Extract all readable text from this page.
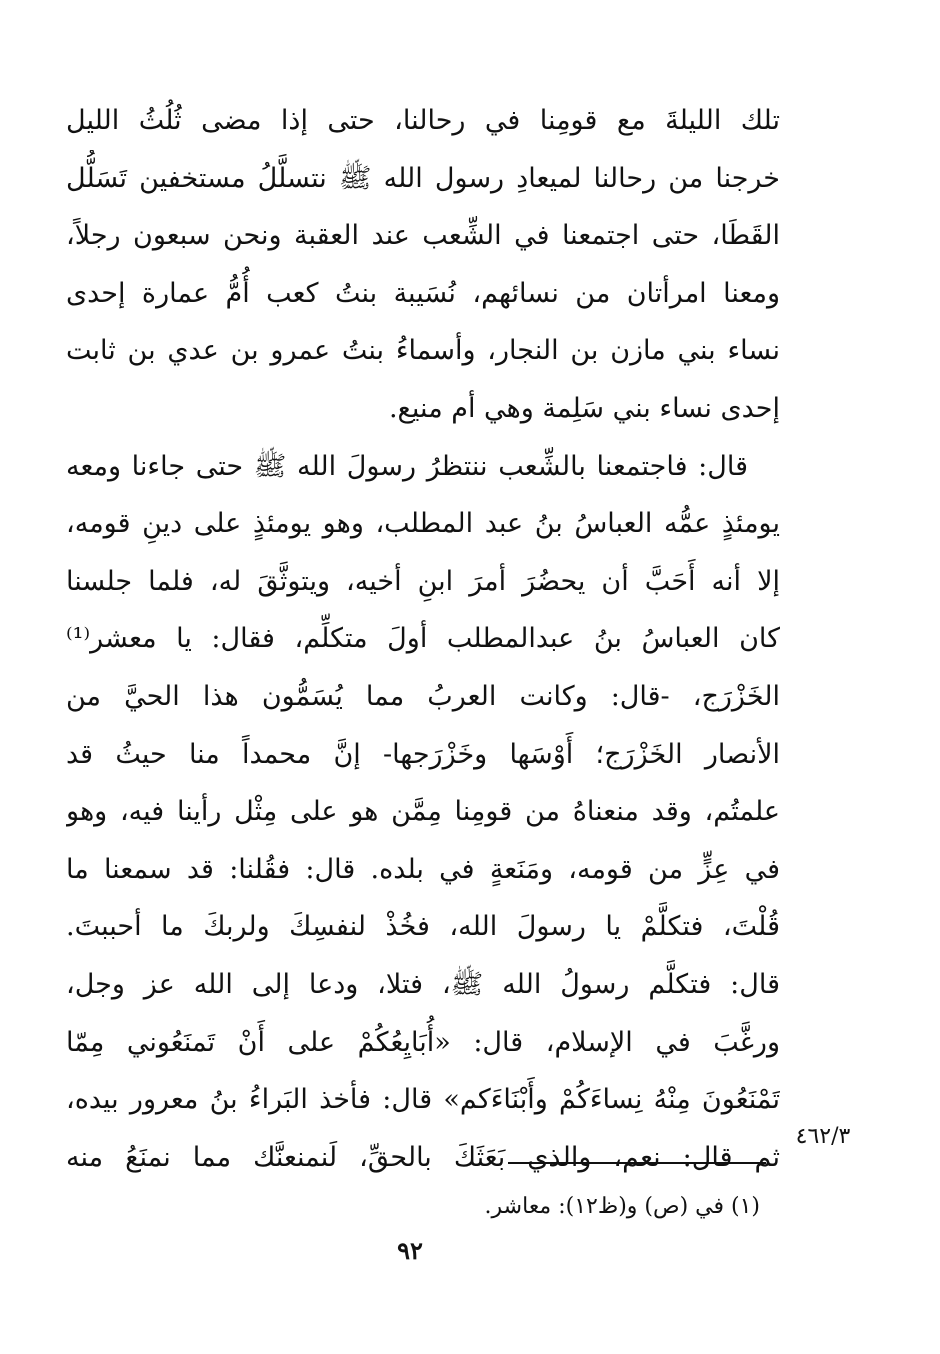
تلك الليلةَ مع قومِنا في رحالنا، حتى إذا مضى ثُلُثُ الليل
خرجنا من رحالنا لميعادِ رسول الله ﷺ نتسلَّلُ مستخفين تَسَلُّل
القَطَا، حتى اجتمعنا في الشِّعب عند العقبة ونحن سبعون رجلاً،
ومعنا امرأتان من نسائهم، نُسَيبة بنتُ كعب أُمُّ عمارة إحدى
نساء بني مازن بن النجار، وأسماءُ بنتُ عمرو بن عدي بن ثابت
إحدى نساء بني سَلِمة وهي أم منيع.
قال: فاجتمعنا بالشِّعب ننتظرُ رسولَ الله ﷺ حتى جاءنا ومعه
يومئذٍ عمُّه العباسُ بنُ عبد المطلب، وهو يومئذٍ على دينِ قومه،
إلا أنه أَحَبَّ أن يحضُرَ أمرَ ابنِ أخيه، ويتوثَّقَ له، فلما جلسنا
كان العباسُ بنُ عبدالمطلب أولَ متكلِّم، فقال: يا معشر⁽¹⁾
الخَزْرَج، -قال: وكانت العربُ مما يُسَمُّون هذا الحيَّ من
الأنصار الخَزْرَج؛ أَوْسَها وخَزْرَجها- إنَّ محمداً منا حيثُ قد
علمتُم، وقد منعناهُ من قومِنا مِمَّن هو على مِثْل رأينا فيه، وهو
في عِزٍّ من قومه، ومَنَعةٍ في بلده. قال: فقُلنا: قد سمعنا ما
قُلْتَ، فتكلَّمْ يا رسولَ الله، فخُذْ لنفسِكَ ولربكَ ما أحببتَ.
قال: فتكلَّم رسولُ الله ﷺ، فتلا، ودعا إلى الله عز وجل،
ورغَّبَ في الإسلام، قال: «أُبَايِعُكُمْ على أَنْ تَمنَعُوني مِمّا
تَمْنَعُونَ مِنْهُ نِساءَكُمْ وأَبْنَاءَكم» قال: فأخذ البَراءُ بنُ معرور بيده،
ثم قال: نعم، والذي بَعَثَكَ بالحقِّ، لَنمنعنَّك مما نمنَعُ منه
٤٦٢/٣
(١) في (ص) و(ظ١٢): معاشر.
٩٢
